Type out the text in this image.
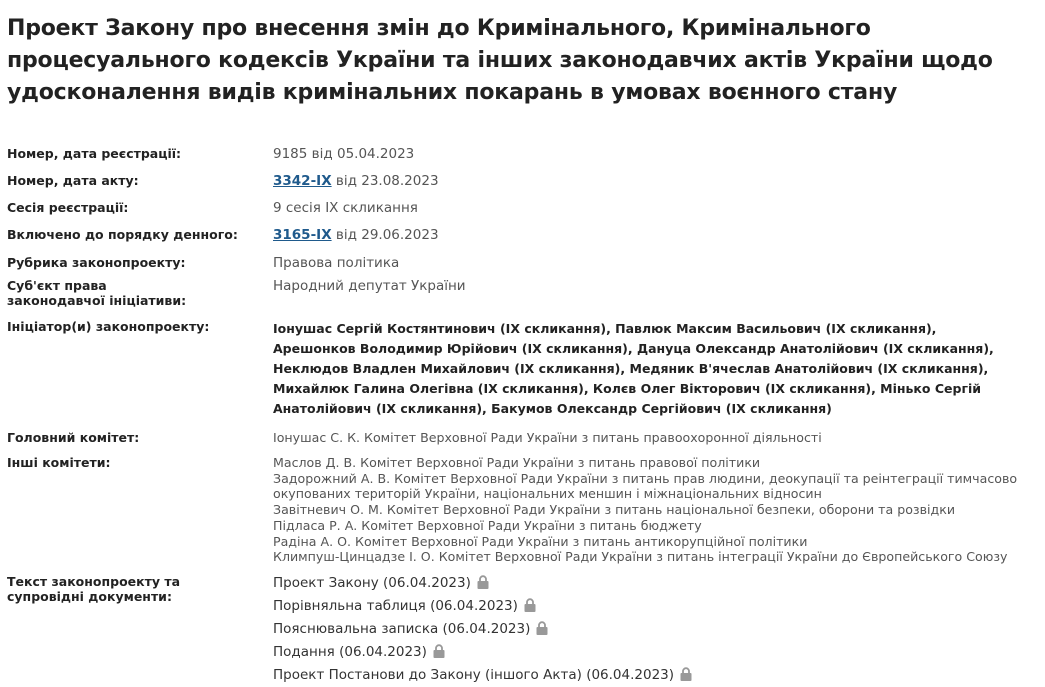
Проект Закону про внесення змін до Кримінального, Кримінального процесуального кодексів України та інших законодавчих актів України щодо удосконалення видів кримінальних покарань в умовах воєнного стану
Номер, дата реєстрації:	9185 від 05.04.2023
Номер, дата акту:	3342-IX від 23.08.2023
Сесія реєстрації:	9 сесія IX скликання
Включено до порядку денного:	3165-IX від 29.06.2023
Рубрика законопроекту:	Правова політика
Суб'єкт права законодавчої ініціативи:
Народний депутат України
Ініціатор(и) законопроекту:	Іонушас Сергій Костянтинович (IX скликання), Павлюк Максим Васильович (IX скликання), Арешонков Володимир Юрійович (IX скликання), Дануца Олександр Анатолійович (IX скликання), Неклюдов Владлен Михайлович (IX скликання), Медяник В'ячеслав Анатолійович (IX скликання), Михайлюк Галина Олегівна (IX скликання), Колєв Олег Вікторович (IX скликання), Мінько Сергій Анатолійович (IX скликання), Бакумов Олександр Сергійович (IX скликання)
Головний комітет:	Іонушас С. К. Комітет Верховної Ради України з питань правоохоронної діяльності
Інші комітети:	Маслов Д. В. Комітет Верховної Ради України з питань правової політики
Задорожний А. В. Комітет Верховної Ради України з питань прав людини, деокупації та реінтеграції тимчасово окупованих територій України, національних меншин і міжнаціональних відносин
Завітневич О. М. Комітет Верховної Ради України з питань національної безпеки, оборони та розвідки
Підласа Р. А. Комітет Верховної Ради України з питань бюджету
Радіна А. О. Комітет Верховної Ради України з питань антикорупційної політики
Климпуш-Цинцадзе І. О. Комітет Верховної Ради України з питань інтеграції України до Європейського Союзу
Текст законопроекту та супровідні документи:
Проект Закону (06.04.2023)
Порівняльна таблиця (06.04.2023)
Пояснювальна записка (06.04.2023)
Подання (06.04.2023)
Проект Постанови до Закону (іншого Акта) (06.04.2023)
